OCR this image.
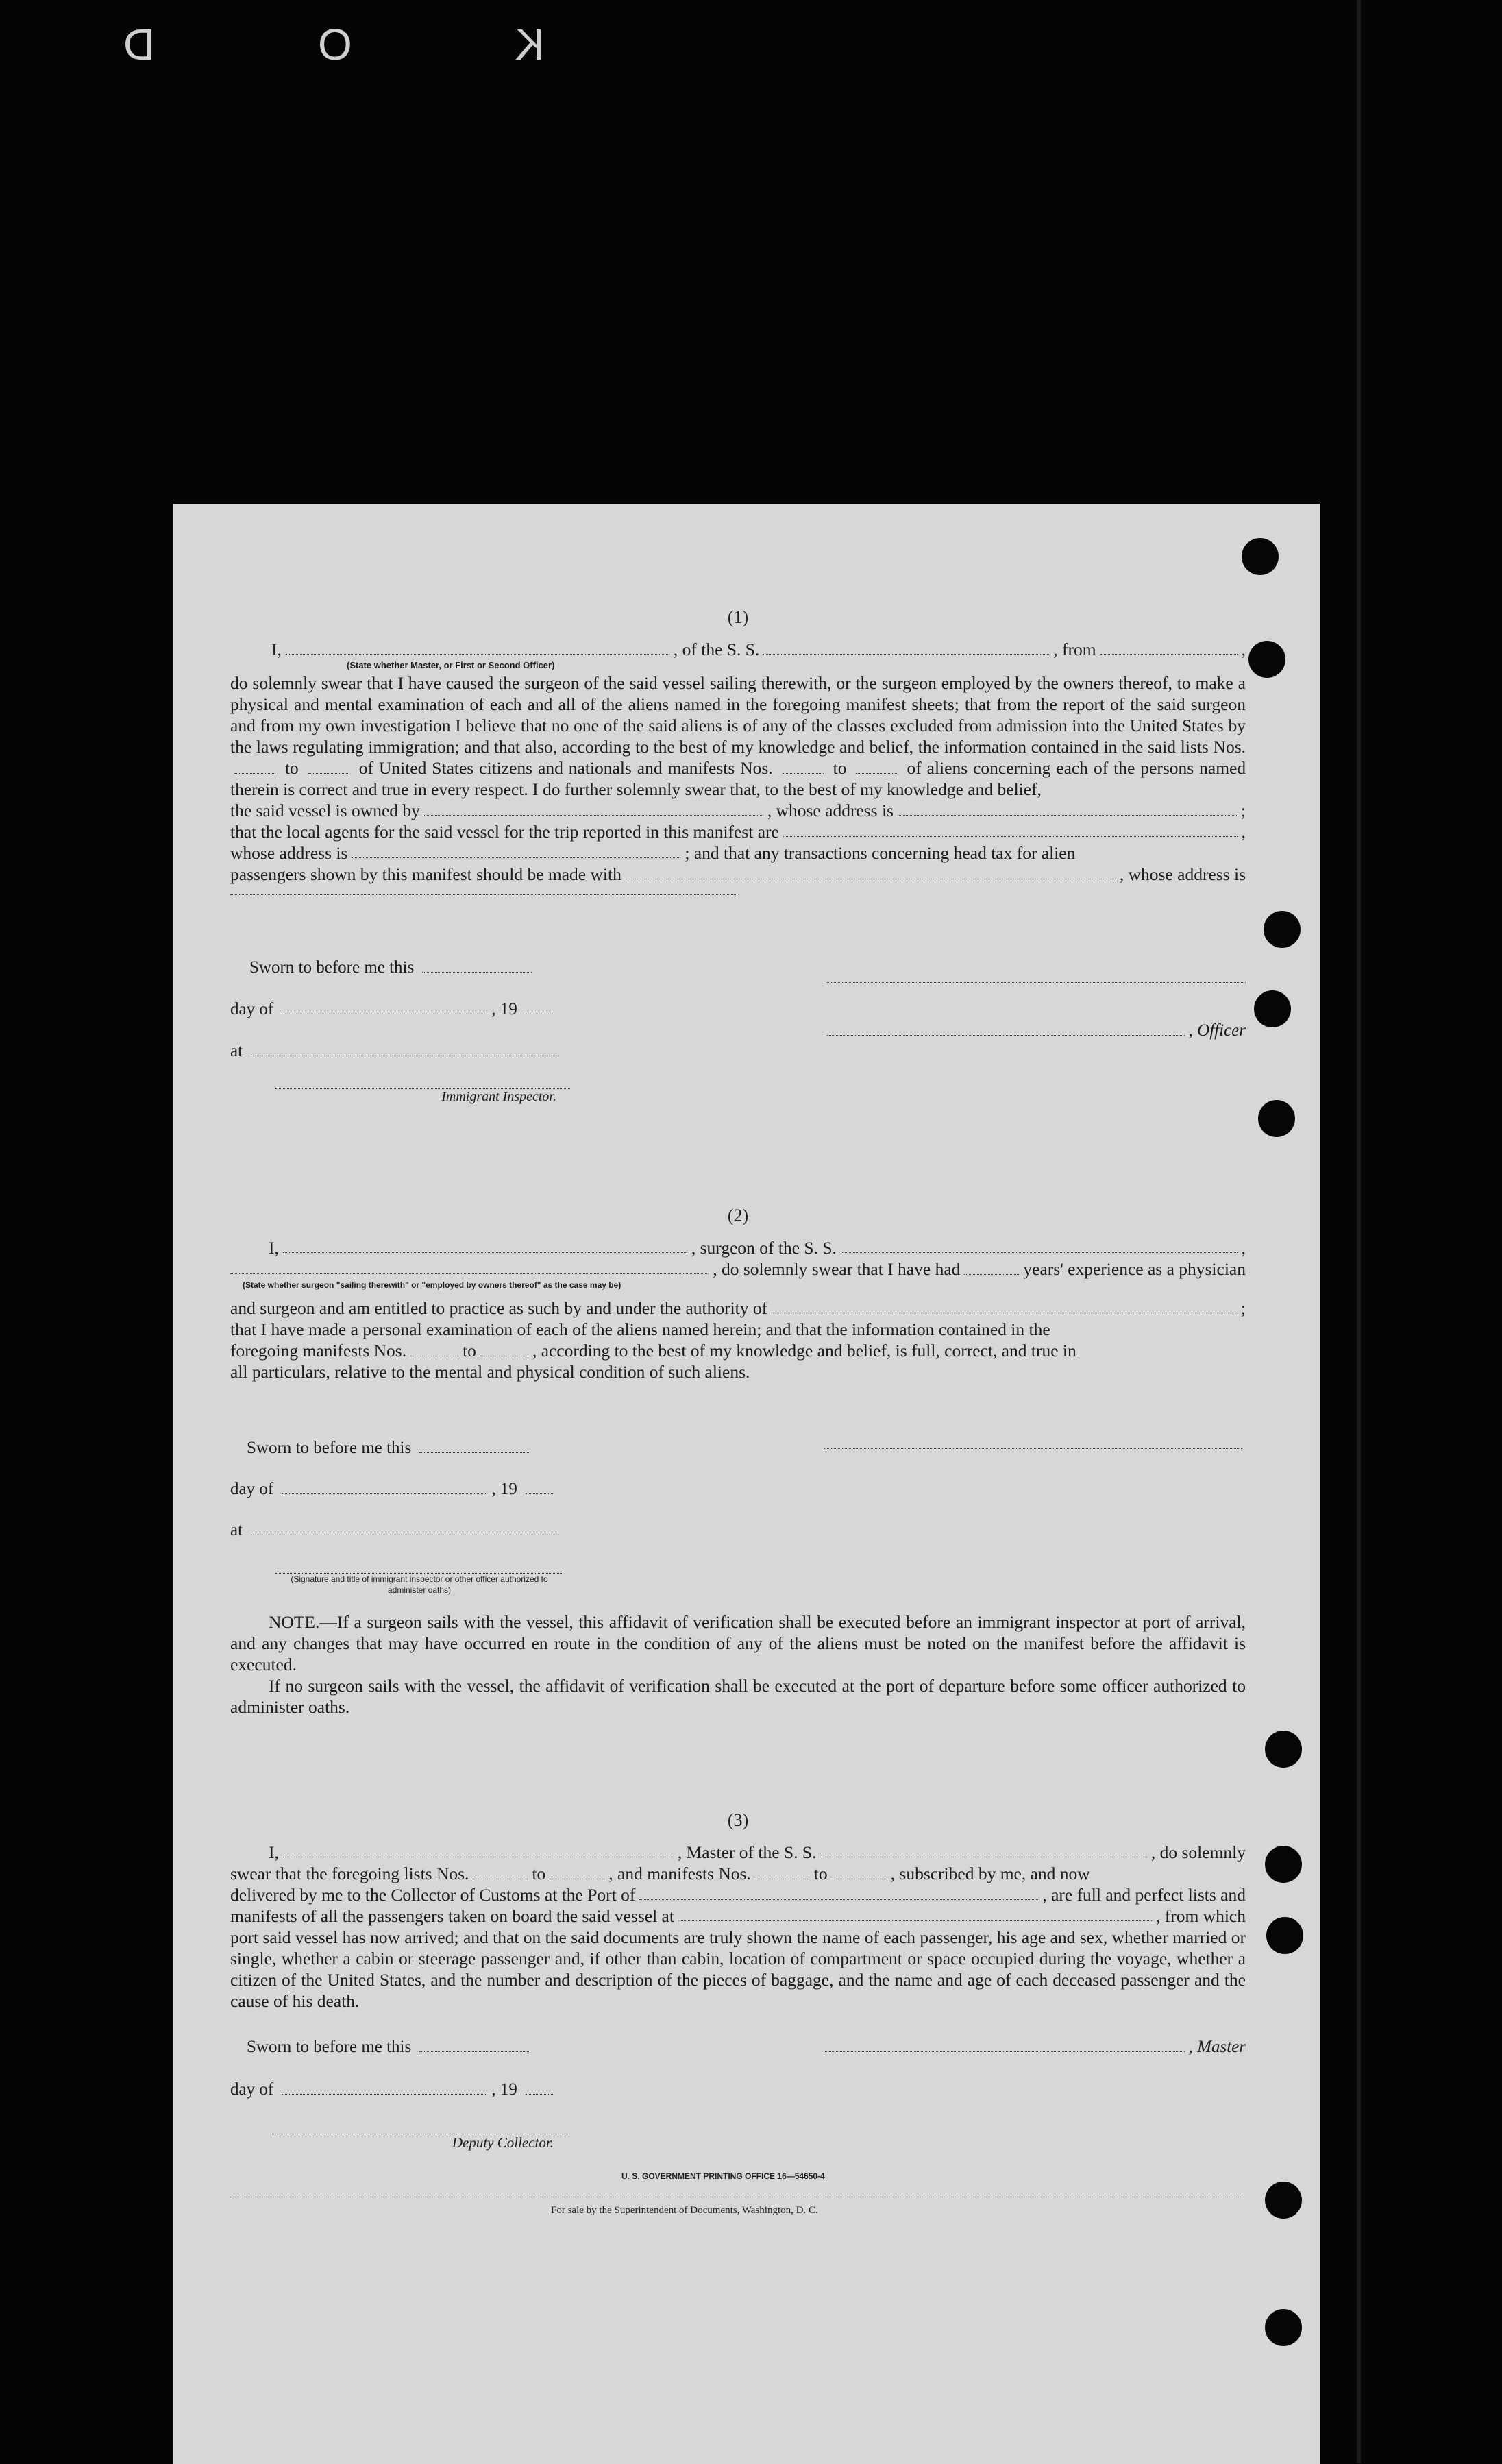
K O D
(1)
I,	, of the S. S.	, from	,
(State whether Master, or First or Second Officer)
do solemnly swear that I have caused the surgeon of the said vessel sailing therewith, or the surgeon employed by the owners thereof, to make a physical and mental examination of each and all of the aliens named in the foregoing manifest sheets; that from the report of the said surgeon and from my own investigation I believe that no one of the said aliens is of any of the classes excluded from admission into the United States by the laws regulating immigration; and that also, according to the best of my knowledge and belief, the information contained in the said lists Nos.  to	of United States citizens and nationals and manifests Nos.	to	of aliens concerning each of the persons named therein is correct and true in every respect. I do further solemnly swear that, to the best of my knowledge and belief,
the said vessel is owned by	, whose address is	;
that the local agents for the said vessel for the trip reported in this manifest are	,
whose address is	; and that any transactions concerning head tax for alien
passengers shown by this manifest should be made with	, whose address is
Sworn to before me this
day of	, 19
at
Immigrant Inspector.
, Officer
(2)
I,	, surgeon of the S. S.	,
, do solemnly swear that I have had	years' experience as a physician
(State whether surgeon "sailing therewith" or "employed by owners thereof" as the case may be)
and surgeon and am entitled to practice as such by and under the authority of	;
that I have made a personal examination of each of the aliens named herein; and that the information contained in the
foregoing manifests Nos.	to	, according to the best of my knowledge and belief, is full, correct, and true in
all particulars, relative to the mental and physical condition of such aliens.
Sworn to before me this
day of	, 19
at
(Signature and title of immigrant inspector or other officer authorized to administer oaths)
NOTE.—If a surgeon sails with the vessel, this affidavit of verification shall be executed before an immigrant inspector at port of arrival, and any changes that may have occurred en route in the condition of any of the aliens must be noted on the manifest before the affidavit is executed.
If no surgeon sails with the vessel, the affidavit of verification shall be executed at the port of departure before some officer authorized to administer oaths.
(3)
I,	, Master of the S. S.	, do solemnly
swear that the foregoing lists Nos.	to	, and manifests Nos.	to	, subscribed by me, and now
delivered by me to the Collector of Customs at the Port of	, are full and perfect lists and
manifests of all the passengers taken on board the said vessel at	, from which
port said vessel has now arrived; and that on the said documents are truly shown the name of each passenger, his age and sex, whether married or single, whether a cabin or steerage passenger and, if other than cabin, location of compartment or space occupied during the voyage, whether a citizen of the United States, and the number and description of the pieces of baggage, and the name and age of each deceased passenger and the cause of his death.
Sworn to before me this	, Master
day of	, 19
Deputy Collector.
U. S. GOVERNMENT PRINTING OFFICE 16—54650-4
For sale by the Superintendent of Documents, Washington, D. C.
